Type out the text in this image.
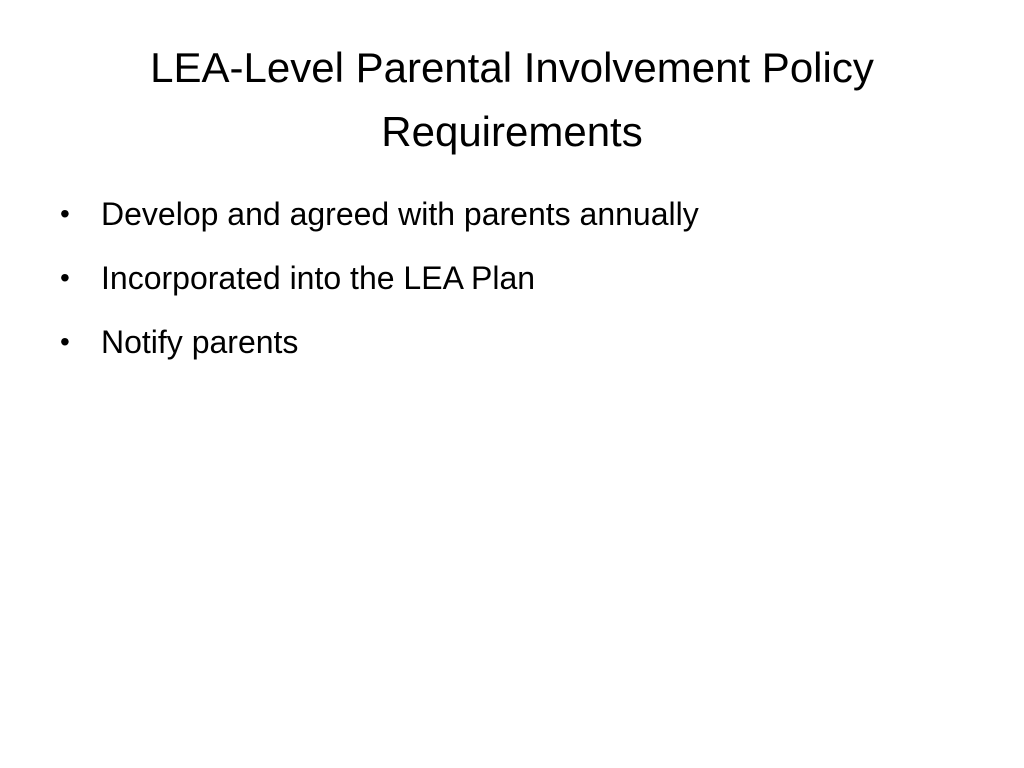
LEA-Level Parental Involvement Policy Requirements
• Develop and agreed with parents annually
• Incorporated into the LEA Plan
• Notify parents
